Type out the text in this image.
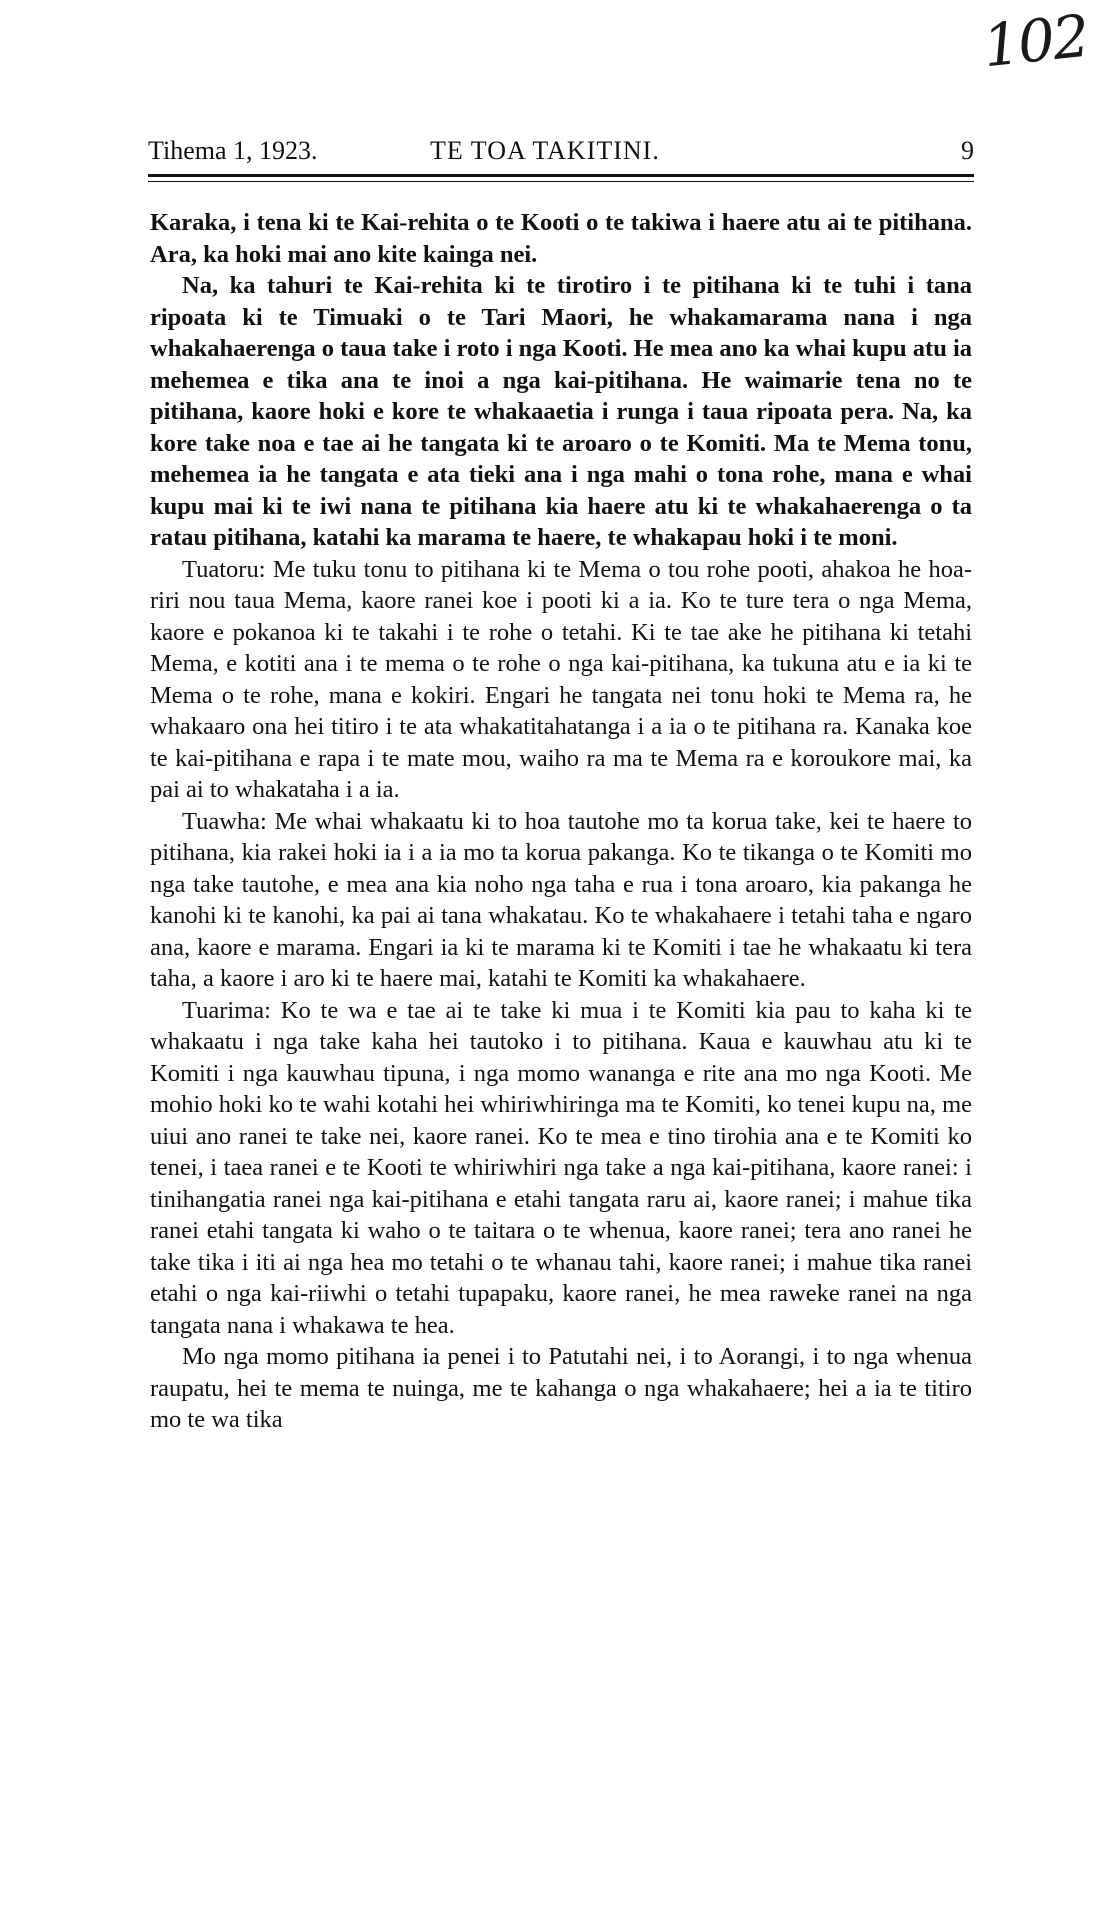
102
Tihema 1, 1923.	TE TOA TAKITINI.	9

Karaka, i tena ki te Kai-rehita o te Kooti o te takiwa i haere atu ai te pitihana. Ara, ka hoki mai ano kite kainga nei.

Na, ka tahuri te Kai-rehita ki te tirotiro i te pitihana ki te tuhi i tana ripoata ki te Timuaki o te Tari Maori, he whakamarama nana i nga whakahaerenga o taua take i roto i nga Kooti. He mea ano ka whai kupu atu ia mehemea e tika ana te inoi a nga kai-pitihana. He waimarie tena no te pitihana, kaore hoki e kore te whakaaetia i runga i taua ripoata pera. Na, ka kore take noa e tae ai he tangata ki te aroaro o te Komiti. Ma te Mema tonu, mehemea ia he tangata e ata tieki ana i nga mahi o tona rohe, mana e whai kupu mai ki te iwi nana te pitihana kia haere atu ki te whakahaerenga o ta ratau pitihana, katahi ka marama te haere, te whakapau hoki i te moni.

Tuatoru: Me tuku tonu to pitihana ki te Mema o tou rohe pooti, ahakoa he hoa-riri nou taua Mema, kaore ranei koe i pooti ki a ia. Ko te ture tera o nga Mema, kaore e pokanoa ki te takahi i te rohe o tetahi. Ki te tae ake he pitihana ki tetahi Mema, e kotiti ana i te mema o te rohe o nga kai-pitihana, ka tukuna atu e ia ki te Mema o te rohe, mana e kokiri. Engari he tangata nei tonu hoki te Mema ra, he whakaaro ona hei titiro i te ata whakatitahatanga i a ia o te pitihana ra. Kanaka koe te kai-pitihana e rapa i te mate mou, waiho ra ma te Mema ra e koroukore mai, ka pai ai to whakataha i a ia.

Tuawha: Me whai whakaatu ki to hoa tautohe mo ta korua take, kei te haere to pitihana, kia rakei hoki ia i a ia mo ta korua pakanga. Ko te tikanga o te Komiti mo nga take tautohe, e mea ana kia noho nga taha e rua i tona aroaro, kia pakanga he kanohi ki te kanohi, ka pai ai tana whakatau. Ko te whakahaere i tetahi taha e ngaro ana, kaore e marama. Engari ia ki te marama ki te Komiti i tae he whakaatu ki tera taha, a kaore i aro ki te haere mai, katahi te Komiti ka whakahaere.

Tuarima: Ko te wa e tae ai te take ki mua i te Komiti kia pau to kaha ki te whakaatu i nga take kaha hei tautoko i to pitihana. Kaua e kauwhau atu ki te Komiti i nga kauwhau tipuna, i nga momo wananga e rite ana mo nga Kooti. Me mohio hoki ko te wahi kotahi hei whiriwhiringa ma te Komiti, ko tenei kupu na, me uiui ano ranei te take nei, kaore ranei. Ko te mea e tino tirohia ana e te Komiti ko tenei, i taea ranei e te Kooti te whiriwhiri nga take a nga kai-pitihana, kaore ranei: i tinihangatia ranei nga kai-pitihana e etahi tangata raru ai, kaore ranei; i mahue tika ranei etahi tangata ki waho o te taitara o te whenua, kaore ranei; tera ano ranei he take tika i iti ai nga hea mo tetahi o te whanau tahi, kaore ranei; i mahue tika ranei etahi o nga kai-riiwhi o tetahi tupapaku, kaore ranei, he mea raweke ranei na nga tangata nana i whakawa te hea.

Mo nga momo pitihana ia penei i to Patutahi nei, i to Aorangi, i to nga whenua raupatu, hei te mema te nuinga, me te kahanga o nga whakahaere; hei a ia te titiro mo te wa tika
